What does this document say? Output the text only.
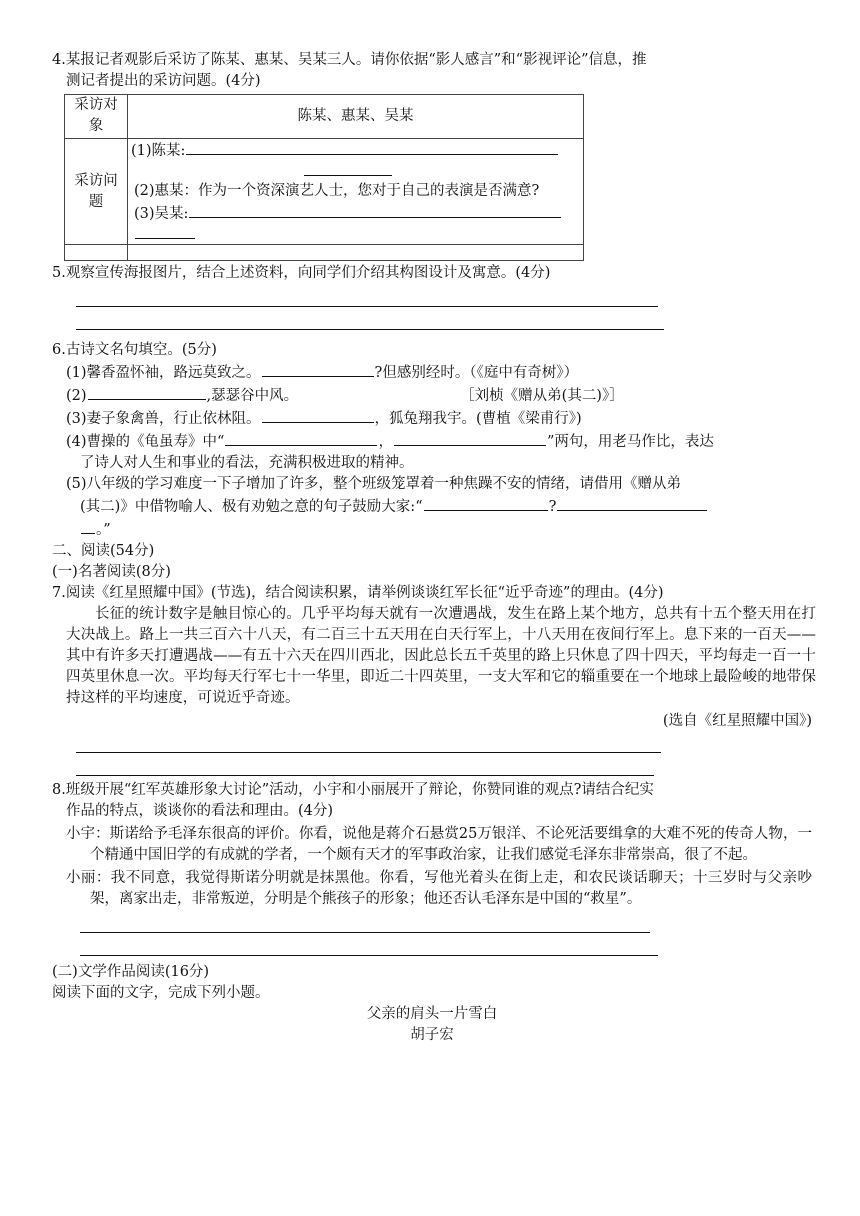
4.某报记者观影后采访了陈某、惠某、吴某三人。请你依据“影人感言”和“影视评论”信息，推
测记者提出的采访问题。(4分)
采访对象	陈某、惠某、吴某
采访问题	(1)陈某:
(2)惠某：作为一个资深演艺人士，您对于自己的表演是否满意?
(3)吴某:

5.观察宣传海报图片，结合上述资料，向同学们介绍其构图设计及寓意。(4分)
6.古诗文名句填空。(5分)
(1)馨香盈怀袖，路远莫致之。	?但感别经时。（《庭中有奇树》）
(2)	,瑟瑟谷中风。	［刘桢《赠从弟(其二)》］
(3)妻子象禽兽，行止依林阻。	，狐兔翔我宇。(曹植《梁甫行》)
(4)曹操的《龟虽寿》中“	，	”两句，用老马作比，表达
了诗人对人生和事业的看法，充满积极进取的精神。
(5)八年级的学习难度一下子增加了许多，整个班级笼罩着一种焦躁不安的情绪，请借用《赠从弟
(其二)》中借物喻人、极有劝勉之意的句子鼓励大家:“	?
。”
二、阅读(54分)
(一)名著阅读(8分)
7.阅读《红星照耀中国》(节选)，结合阅读积累，请举例谈谈红军长征“近乎奇迹”的理由。(4分)
长征的统计数字是触目惊心的。几乎平均每天就有一次遭遇战，发生在路上某个地方，总共有十五个整天用在打大决战上。路上一共三百六十八天，有二百三十五天用在白天行军上，十八天用在夜间行军上。息下来的一百天——其中有许多天打遭遇战——有五十六天在四川西北，因此总长五千英里的路上只休息了四十四天，平均每走一百一十四英里休息一次。平均每天行军七十一华里，即近二十四英里，一支大军和它的辎重要在一个地球上最险峻的地带保持这样的平均速度，可说近乎奇迹。
(选自《红星照耀中国》)
8.班级开展“红军英雄形象大讨论”活动，小宇和小丽展开了辩论，你赞同谁的观点?请结合纪实
作品的特点，谈谈你的看法和理由。(4分)
小宇：斯诺给予毛泽东很高的评价。你看，说他是蒋介石悬赏25万银洋、不论死活要缉拿的大难不死的传奇人物，一个精通中国旧学的有成就的学者，一个颇有天才的军事政治家，让我们感觉毛泽东非常崇高，很了不起。
小丽：我不同意，我觉得斯诺分明就是抹黑他。你看，写他光着头在街上走，和农民谈话聊天；十三岁时与父亲吵架，离家出走，非常叛逆，分明是个熊孩子的形象；他还否认毛泽东是中国的“救星”。
(二)文学作品阅读(16分)
阅读下面的文字，完成下列小题。
父亲的肩头一片雪白
胡子宏
